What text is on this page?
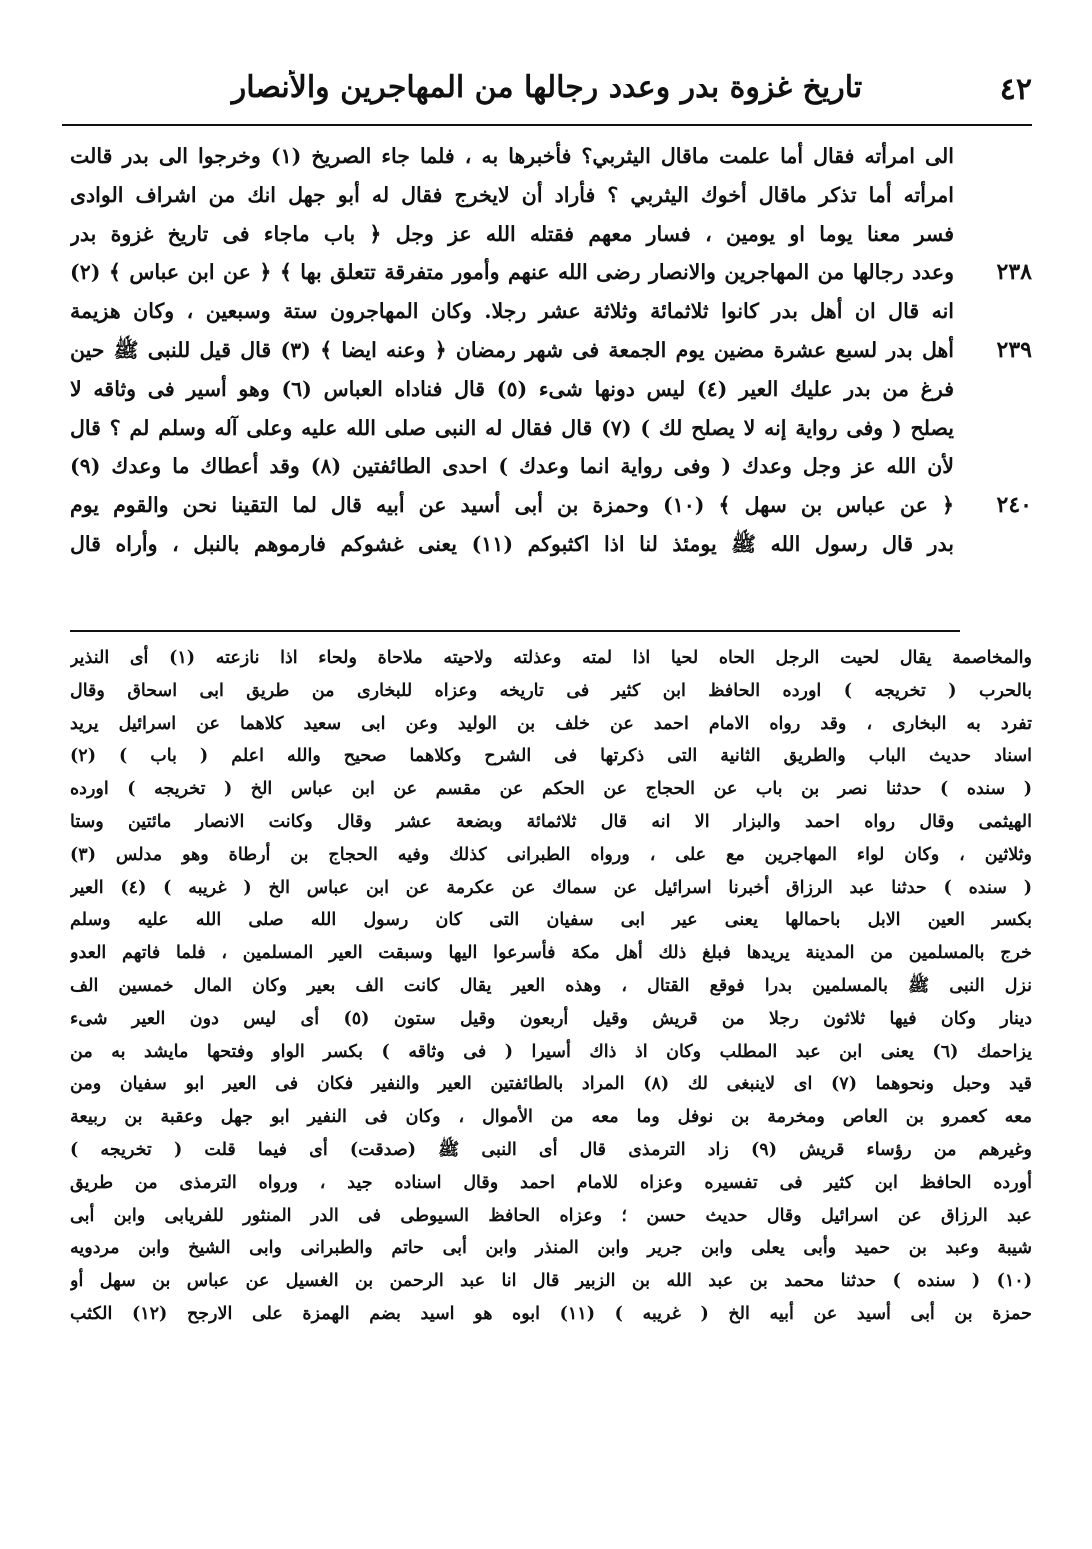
تاريخ غزوة بدر وعدد رجالها من المهاجرين والأنصار	٤٢
الى امرأته فقال أما علمت ماقال اليثربي؟ فأخبرها به ، فلما جاء الصريخ (١) وخرجوا الى بدر قالت
امرأته أما تذكر ماقال أخوك اليثربي ؟ فأراد أن لايخرج فقال له أبو جهل انك من اشراف الوادى
فسر معنا يوما او يومين ، فسار معهم فقتله الله عز وجل ﴿ باب ماجاء فى تاريخ غزوة بدر
٢٣٨
وعدد رجالها من المهاجرين والانصار رضى الله عنهم وأمور متفرقة تتعلق بها ﴾ ﴿ عن ابن عباس ﴾ (٢)
انه قال ان أهل بدر كانوا ثلاثمائة وثلاثة عشر رجلا. وكان المهاجرون ستة وسبعين ، وكان هزيمة
٢٣٩
أهل بدر لسبع عشرة مضين يوم الجمعة فى شهر رمضان ﴿ وعنه ايضا ﴾ (٣) قال قيل للنبى ﷺ حين
فرغ من بدر عليك العير (٤) ليس دونها شىء (٥) قال فناداه العباس (٦) وهو أسير فى وثاقه لا
يصلح ( وفى رواية إنه لا يصلح لك ) (٧) قال فقال له النبى صلى الله عليه وعلى آله وسلم لم ؟ قال
لأن الله عز وجل وعدك ( وفى رواية انما وعدك ) احدى الطائفتين (٨) وقد أعطاك ما وعدك (٩)
٢٤٠
﴿ عن عباس بن سهل ﴾ (١٠) وحمزة بن أبى أسيد عن أبيه قال لما التقينا نحن والقوم يوم
بدر قال رسول الله ﷺ يومئذ لنا اذا اكثبوكم (١١) يعنى غشوكم فارموهم بالنبل ، وأراه قال
والمخاصمة يقال لحيت الرجل الحاه لحيا اذا لمته وعذلته ولاحيته ملاحاة ولحاء اذا نازعته (١) أى النذير
بالحرب ( تخريجه ) اورده الحافظ ابن كثير فى تاريخه وعزاه للبخارى من طريق ابى اسحاق وقال
تفرد به البخارى ، وقد رواه الامام احمد عن خلف بن الوليد وعن ابى سعيد كلاهما عن اسرائيل يريد
اسناد حديث الباب والطريق الثانية التى ذكرتها فى الشرح وكلاهما صحيح والله اعلم ( باب ) (٢)
( سنده ) حدثنا نصر بن باب عن الحجاج عن الحكم عن مقسم عن ابن عباس الخ ( تخريجه ) اورده
الهيثمى وقال رواه احمد والبزار الا انه قال ثلاثمائة وبضعة عشر وقال وكانت الانصار مائتين وستا
وثلاثين ، وكان لواء المهاجرين مع على ، ورواه الطبرانى كذلك وفيه الحجاج بن أرطاة وهو مدلس (٣)
( سنده ) حدثنا عبد الرزاق أخبرنا اسرائيل عن سماك عن عكرمة عن ابن عباس الخ ( غريبه ) (٤) العير
بكسر العين الابل باحمالها يعنى عير ابى سفيان التى كان رسول الله صلى الله عليه وسلم
خرج بالمسلمين من المدينة يريدها فبلغ ذلك أهل مكة فأسرعوا اليها وسبقت العير المسلمين ، فلما فاتهم العدو
نزل النبى ﷺ بالمسلمين بدرا فوقع القتال ، وهذه العير يقال كانت الف بعير وكان المال خمسين الف
دينار وكان فيها ثلاثون رجلا من قريش وقيل أربعون وقيل ستون (٥) أى ليس دون العير شىء
يزاحمك (٦) يعنى ابن عبد المطلب وكان اذ ذاك أسيرا ( فى وثاقه ) بكسر الواو وفتحها مايشد به من
قيد وحبل ونحوهما (٧) اى لاينبغى لك (٨) المراد بالطائفتين العير والنفير فكان فى العير ابو سفيان ومن
معه كعمرو بن العاص ومخرمة بن نوفل وما معه من الأموال ، وكان فى النفير ابو جهل وعقبة بن ربيعة
وغيرهم من رؤساء قريش (٩) زاد الترمذى قال أى النبى ﷺ (صدقت) أى فيما قلت ( تخريجه )
أورده الحافظ ابن كثير فى تفسيره وعزاه للامام احمد وقال اسناده جيد ، ورواه الترمذى من طريق
عبد الرزاق عن اسرائيل وقال حديث حسن ؛ وعزاه الحافظ السيوطى فى الدر المنثور للفريابى وابن أبى
شيبة وعبد بن حميد وأبى يعلى وابن جرير وابن المنذر وابن أبى حاتم والطبرانى وابى الشيخ وابن مردويه
(١٠) ( سنده ) حدثنا محمد بن عبد الله بن الزبير قال انا عبد الرحمن بن الغسيل عن عباس بن سهل أو
حمزة بن أبى أسيد عن أبيه الخ ( غريبه ) (١١) ابوه هو اسيد بضم الهمزة على الارجح (١٢) الكثب
